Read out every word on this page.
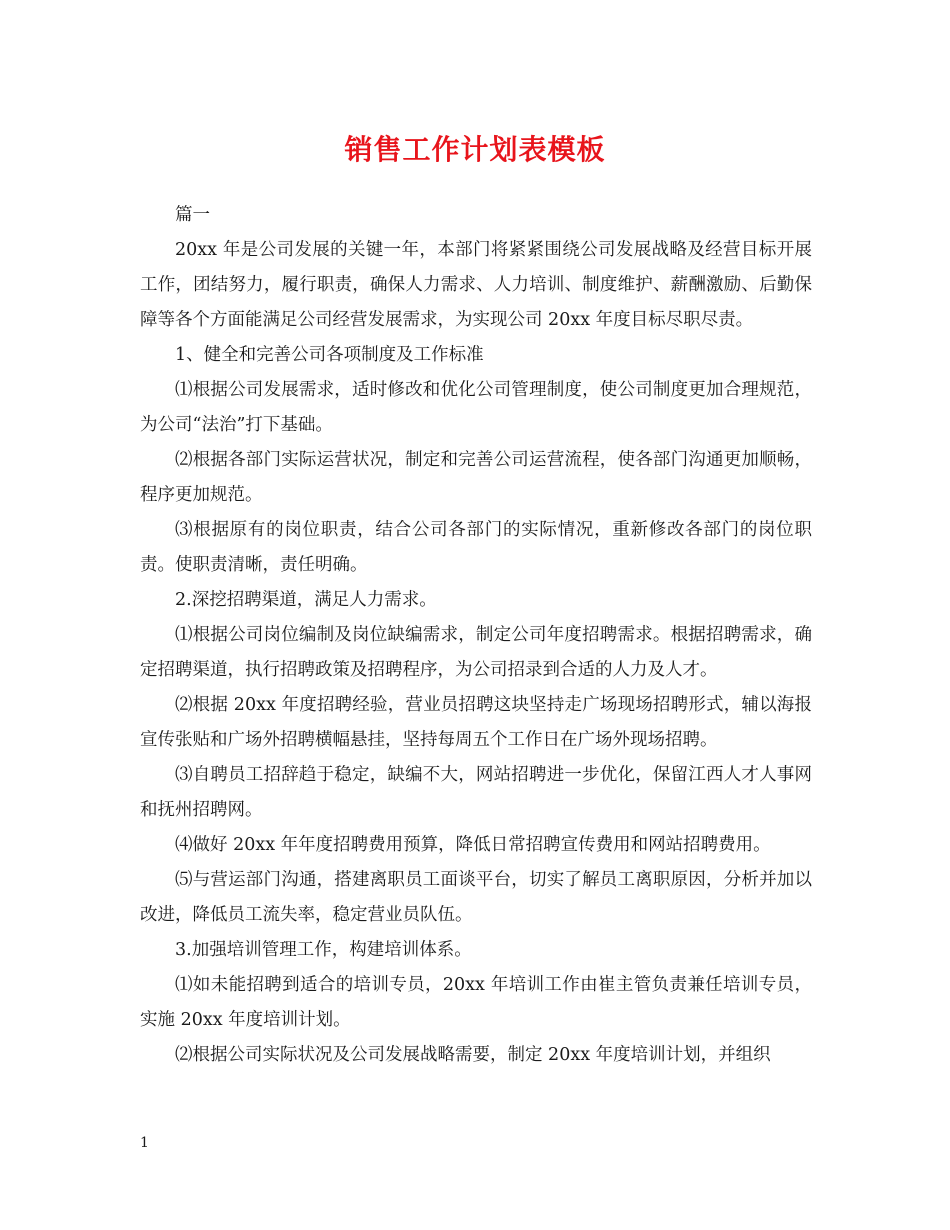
销售工作计划表模板

篇一

20xx 年是公司发展的关键一年，本部门将紧紧围绕公司发展战略及经营目标开展工作，团结努力，履行职责，确保人力需求、人力培训、制度维护、薪酬激励、后勤保障等各个方面能满足公司经营发展需求，为实现公司 20xx 年度目标尽职尽责。

1、健全和完善公司各项制度及工作标准

⑴根据公司发展需求，适时修改和优化公司管理制度，使公司制度更加合理规范，为公司“法治”打下基础。

⑵根据各部门实际运营状况，制定和完善公司运营流程，使各部门沟通更加顺畅，程序更加规范。

⑶根据原有的岗位职责，结合公司各部门的实际情况，重新修改各部门的岗位职责。使职责清晰，责任明确。

2.深挖招聘渠道，满足人力需求。

⑴根据公司岗位编制及岗位缺编需求，制定公司年度招聘需求。根据招聘需求，确定招聘渠道，执行招聘政策及招聘程序，为公司招录到合适的人力及人才。

⑵根据 20xx 年度招聘经验，营业员招聘这块坚持走广场现场招聘形式，辅以海报宣传张贴和广场外招聘横幅悬挂，坚持每周五个工作日在广场外现场招聘。

⑶自聘员工招辞趋于稳定，缺编不大，网站招聘进一步优化，保留江西人才人事网和抚州招聘网。

⑷做好 20xx 年年度招聘费用预算，降低日常招聘宣传费用和网站招聘费用。

⑸与营运部门沟通，搭建离职员工面谈平台，切实了解员工离职原因，分析并加以改进，降低员工流失率，稳定营业员队伍。

3.加强培训管理工作，构建培训体系。

⑴如未能招聘到适合的培训专员，20xx 年培训工作由崔主管负责兼任培训专员，实施 20xx 年度培训计划。

⑵根据公司实际状况及公司发展战略需要，制定 20xx 年度培训计划，并组织

1
